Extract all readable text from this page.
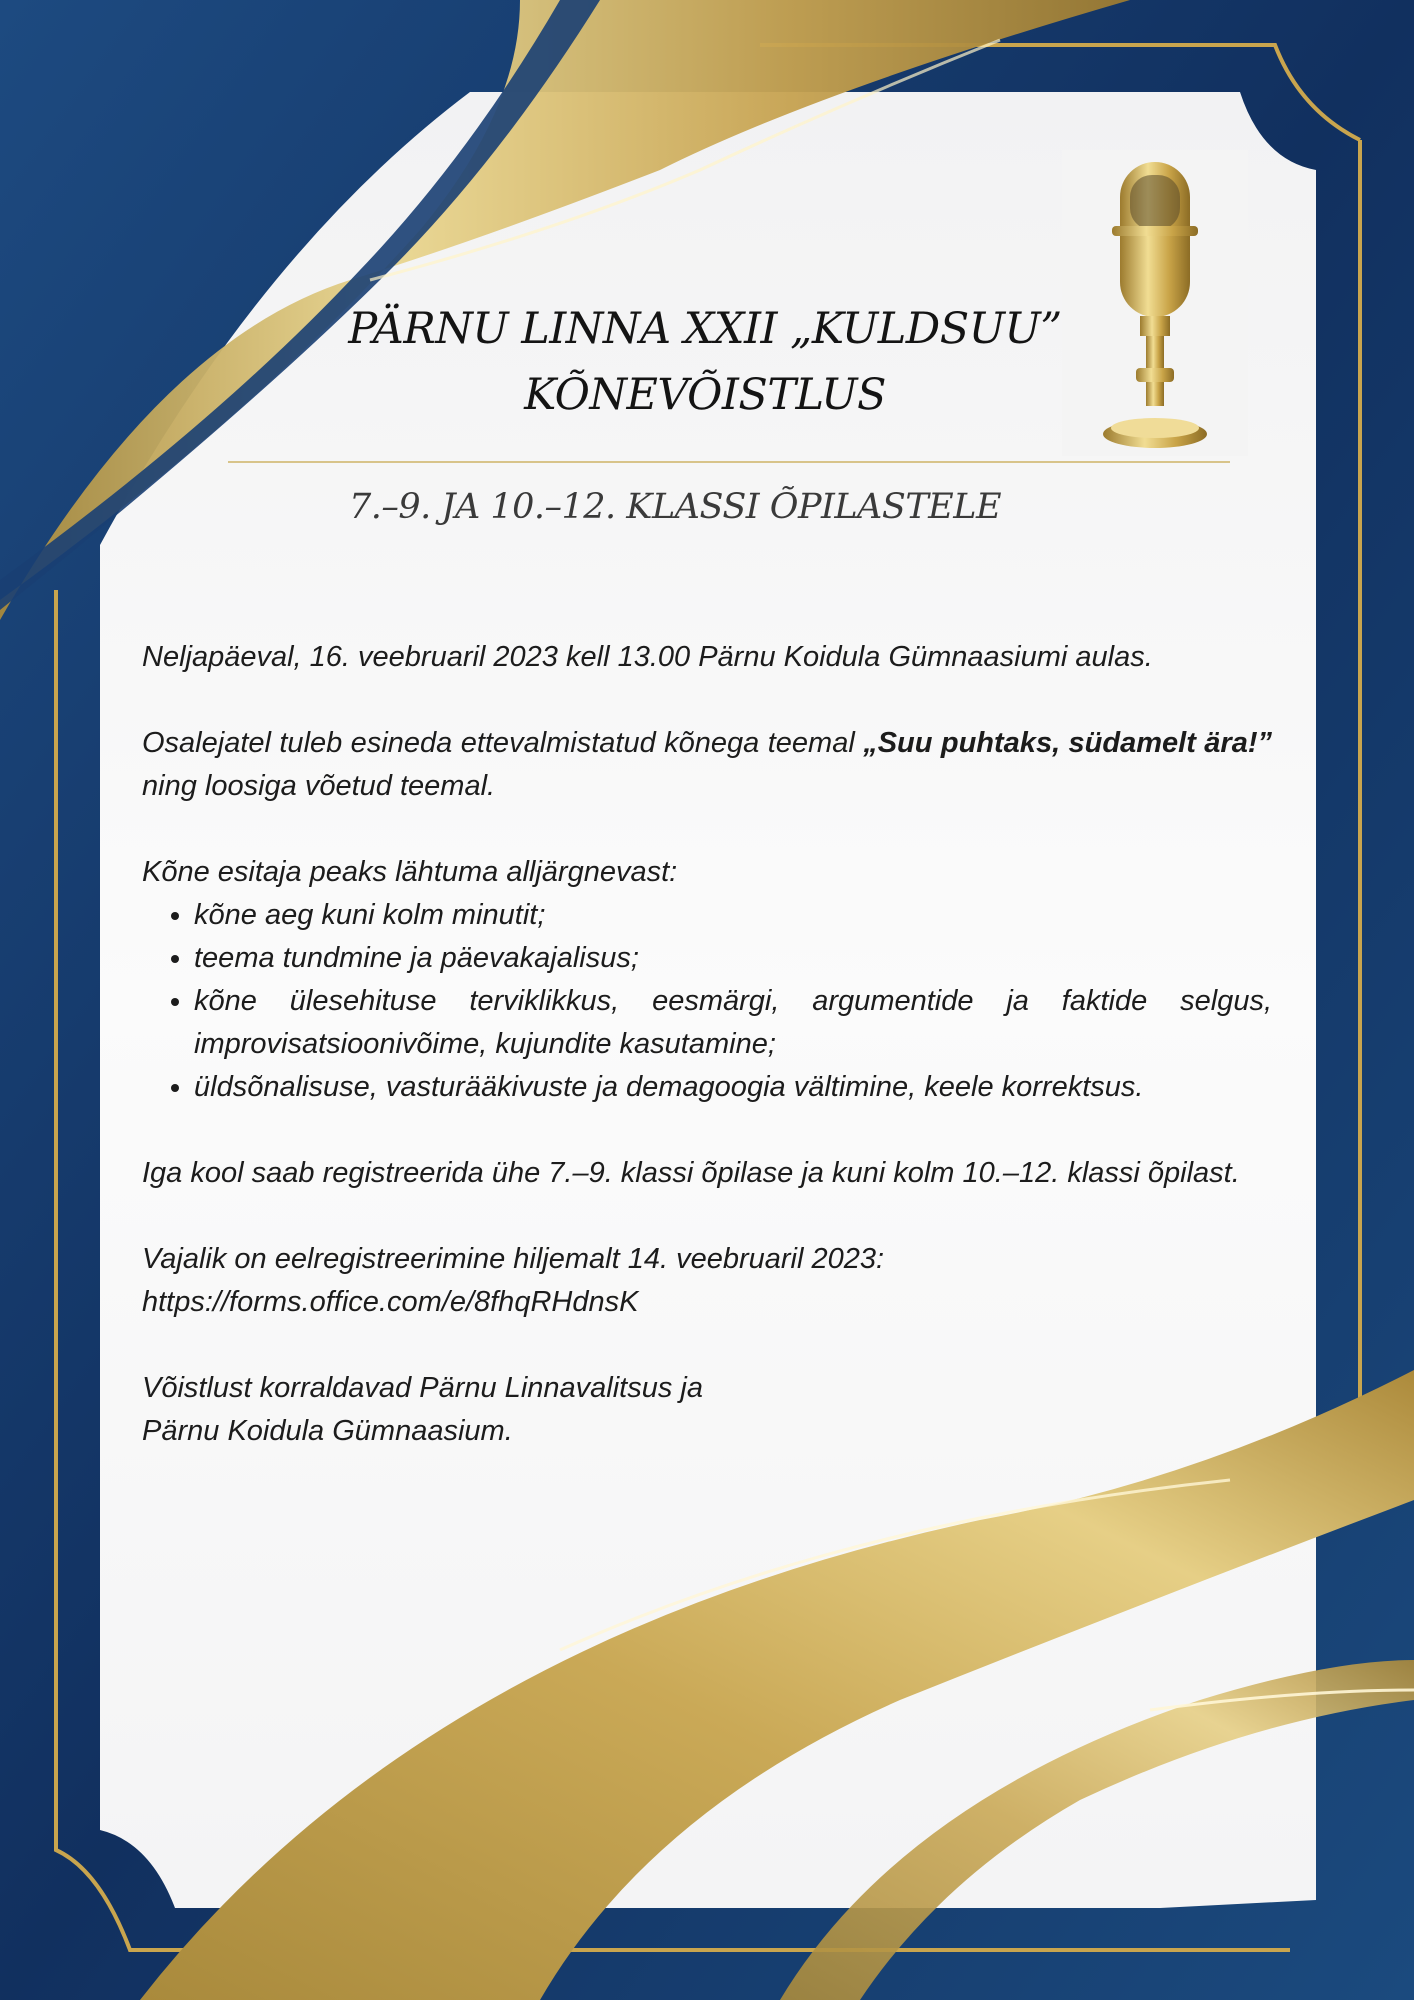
PÄRNU LINNA XXII „KULDSUU”
KÕNEVÕISTLUS
7.–9. JA 10.–12. KLASSI ÕPILASTELE

Neljapäeval, 16. veebruaril 2023 kell 13.00 Pärnu Koidula Gümnaasiumi aulas.

Osalejatel tuleb esineda ettevalmistatud kõnega teemal „Suu puhtaks, südamelt ära!” ning loosiga võetud teemal.

Kõne esitaja peaks lähtuma alljärgnevast:

• kõne aeg kuni kolm minutit;
• teema tundmine ja päevakajalisus;
• kõne ülesehituse terviklikkus, eesmärgi, argumentide ja faktide selgus, improvisatsioonivõime, kujundite kasutamine;
• üldsõnalisuse, vasturääkivuste ja demagoogia vältimine, keele korrektsus.

Iga kool saab registreerida ühe 7.–9. klassi õpilase ja kuni kolm 10.–12. klassi õpilast.

Vajalik on eelregistreerimine hiljemalt 14. veebruaril 2023:
https://forms.office.com/e/8fhqRHdnsK

Võistlust korraldavad Pärnu Linnavalitsus ja
Pärnu Koidula Gümnaasium.
